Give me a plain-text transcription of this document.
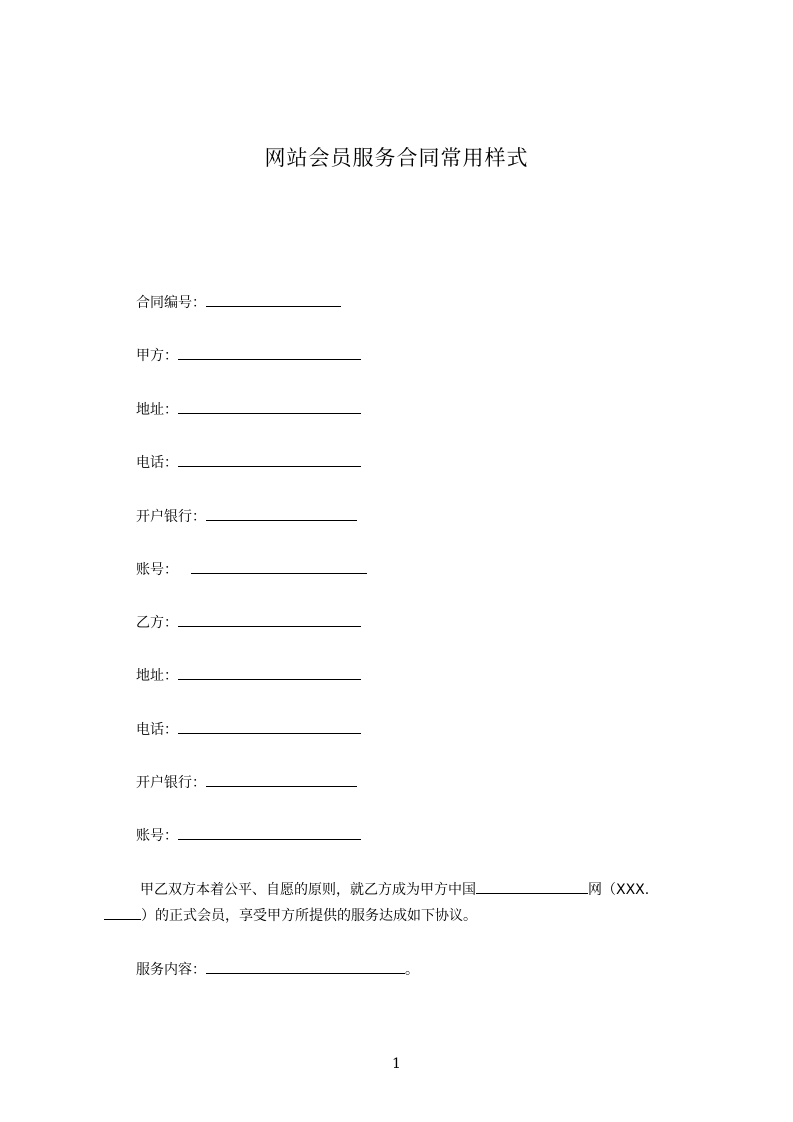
网站会员服务合同常用样式
合同编号：
甲方：
地址：
电话：
开户银行：
账号：
乙方：
地址：
电话：
开户银行：
账号：
甲乙双方本着公平、自愿的原则，就乙方成为甲方中国	网（XXX.
）的正式会员，享受甲方所提供的服务达成如下协议。
服务内容：	。
1
